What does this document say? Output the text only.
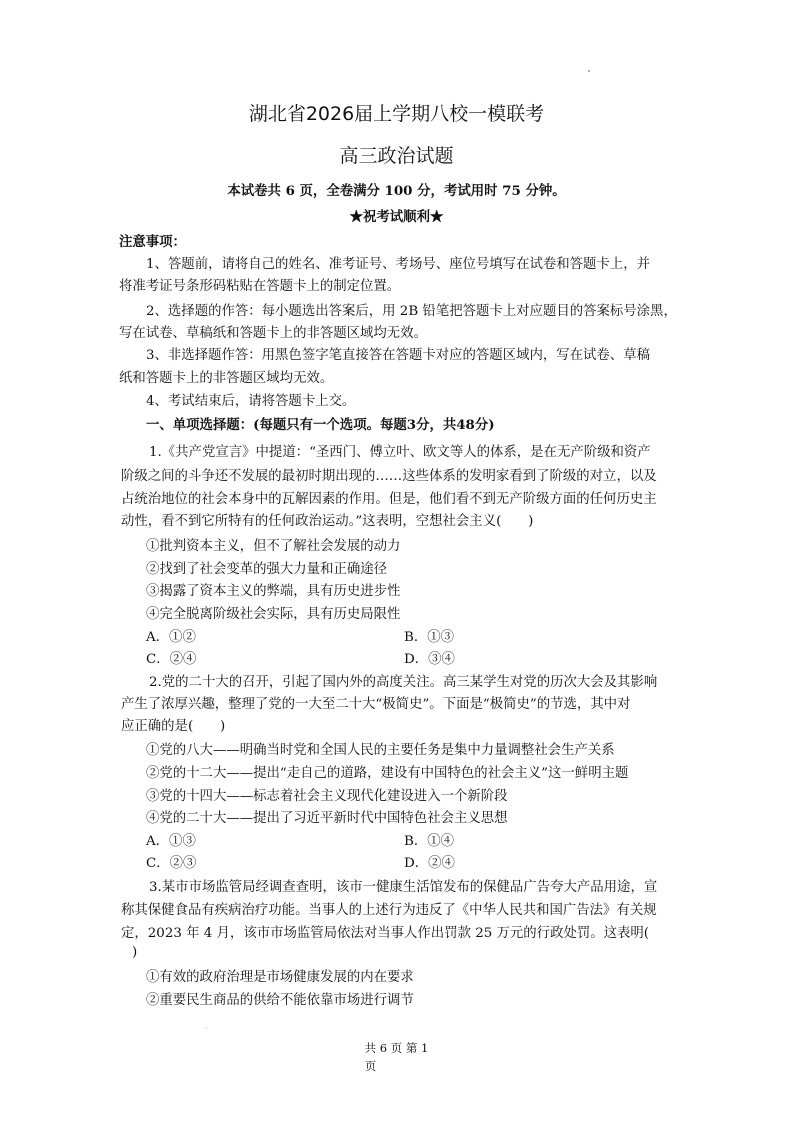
湖北省2026届上学期八校一模联考
高三政治试题
本试卷共 6 页，全卷满分 100 分，考试用时 75 分钟。
★祝考试顺利★
注意事项：
1、答题前，请将自己的姓名、准考证号、考场号、座位号填写在试卷和答题卡上，并
将准考证号条形码粘贴在答题卡上的制定位置。
2、选择题的作答：每小题选出答案后，用 2B 铅笔把答题卡上对应题目的答案标号涂黑，
写在试卷、草稿纸和答题卡上的非答题区域均无效。
3、非选择题作答：用黑色签字笔直接答在答题卡对应的答题区域内，写在试卷、草稿
纸和答题卡上的非答题区域均无效。
4、考试结束后，请将答题卡上交。
一、单项选择题：(每题只有一个选项。每题3分，共48分)
1.《共产党宣言》中提道：“圣西门、傅立叶、欧文等人的体系，是在无产阶级和资产
阶级之间的斗争还不发展的最初时期出现的……这些体系的发明家看到了阶级的对立，以及
占统治地位的社会本身中的瓦解因素的作用。但是，他们看不到无产阶级方面的任何历史主
动性，看不到它所特有的任何政治运动。”这表明，空想社会主义(　　)
①批判资本主义，但不了解社会发展的动力
②找到了社会变革的强大力量和正确途径
③揭露了资本主义的弊端，具有历史进步性
④完全脱离阶级社会实际，具有历史局限性
A．①②	B．①③
C．②④	D．③④
2.党的二十大的召开，引起了国内外的高度关注。高三某学生对党的历次大会及其影响
产生了浓厚兴趣，整理了党的一大至二十大“极简史”。下面是“极简史”的节选，其中对
应正确的是(　　)
①党的八大——明确当时党和全国人民的主要任务是集中力量调整社会生产关系
②党的十二大——提出“走自己的道路，建设有中国特色的社会主义”这一鲜明主题
③党的十四大——标志着社会主义现代化建设进入一个新阶段
④党的二十大——提出了习近平新时代中国特色社会主义思想
A．①③	B．①④
C．②③	D．②④
3.某市市场监管局经调查查明，该市一健康生活馆发布的保健品广告夸大产品用途，宣
称其保健食品有疾病治疗功能。当事人的上述行为违反了《中华人民共和国广告法》有关规
定，2023 年 4 月，该市市场监管局依法对当事人作出罚款 25 万元的行政处罚。这表明(
)
①有效的政府治理是市场健康发展的内在要求
②重要民生商品的供给不能依靠市场进行调节
共 6 页 第 1
页
